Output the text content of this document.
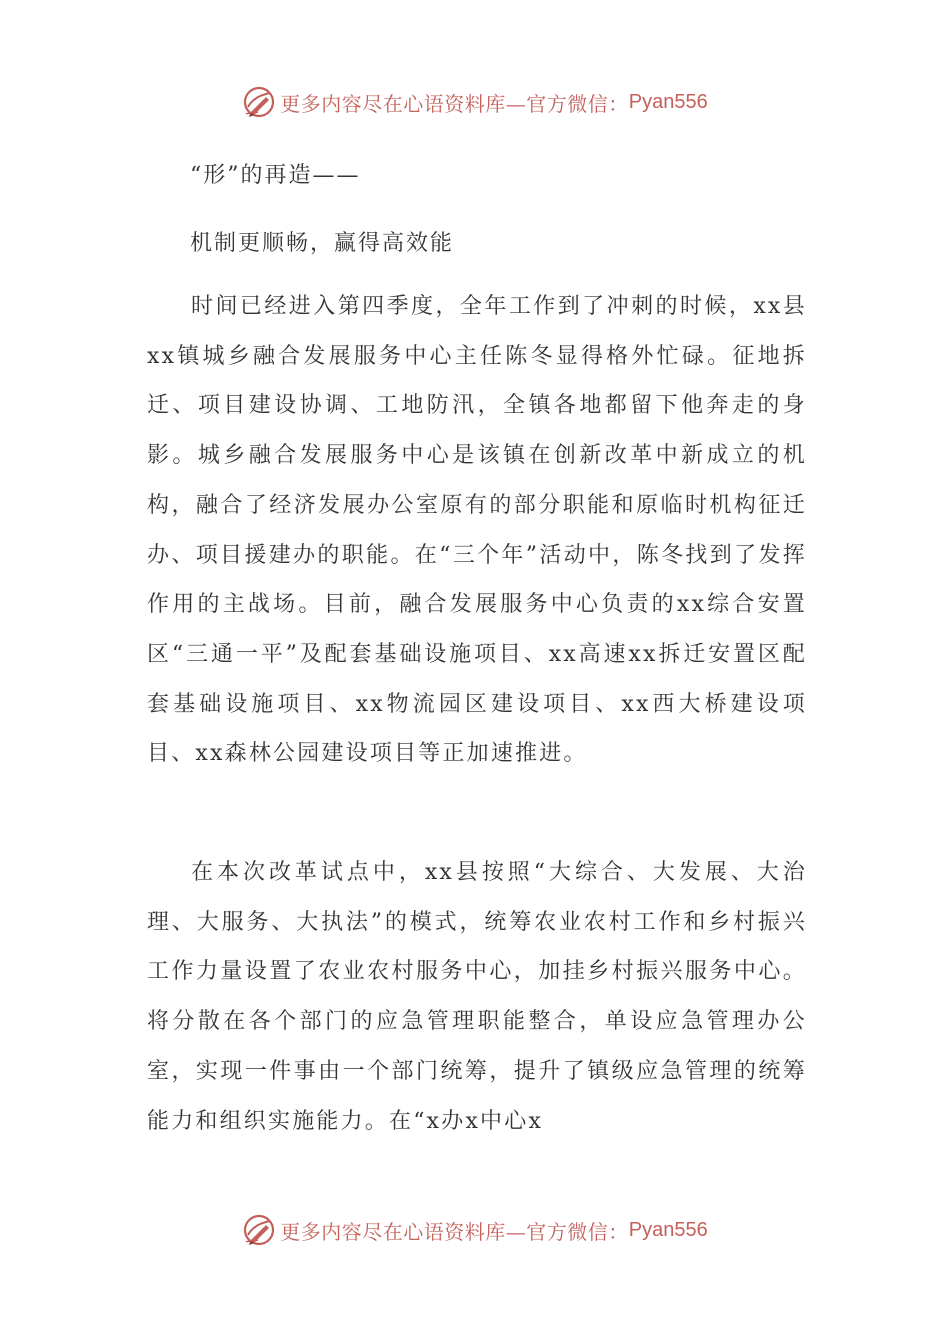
更多内容尽在心语资料库—官方微信： Pyan556
“形”的再造——
机制更顺畅，赢得高效能

时间已经进入第四季度，全年工作到了冲刺的时候，xx县xx镇城乡融合发展服务中心主任陈冬显得格外忙碌。征地拆迁、项目建设协调、工地防汛，全镇各地都留下他奔走的身影。城乡融合发展服务中心是该镇在创新改革中新成立的机构，融合了经济发展办公室原有的部分职能和原临时机构征迁办、项目援建办的职能。在“三个年”活动中，陈冬找到了发挥作用的主战场。目前，融合发展服务中心负责的xx综合安置区“三通一平”及配套基础设施项目、xx高速xx拆迁安置区配套基础设施项目、xx物流园区建设项目、xx西大桥建设项目、xx森林公园建设项目等正加速推进。

在本次改革试点中，xx县按照“大综合、大发展、大治理、大服务、大执法”的模式，统筹农业农村工作和乡村振兴工作力量设置了农业农村服务中心，加挂乡村振兴服务中心。将分散在各个部门的应急管理职能整合，单设应急管理办公室，实现一件事由一个部门统筹，提升了镇级应急管理的统筹能力和组织实施能力。在“x办x中心x

更多内容尽在心语资料库—官方微信： Pyan556
